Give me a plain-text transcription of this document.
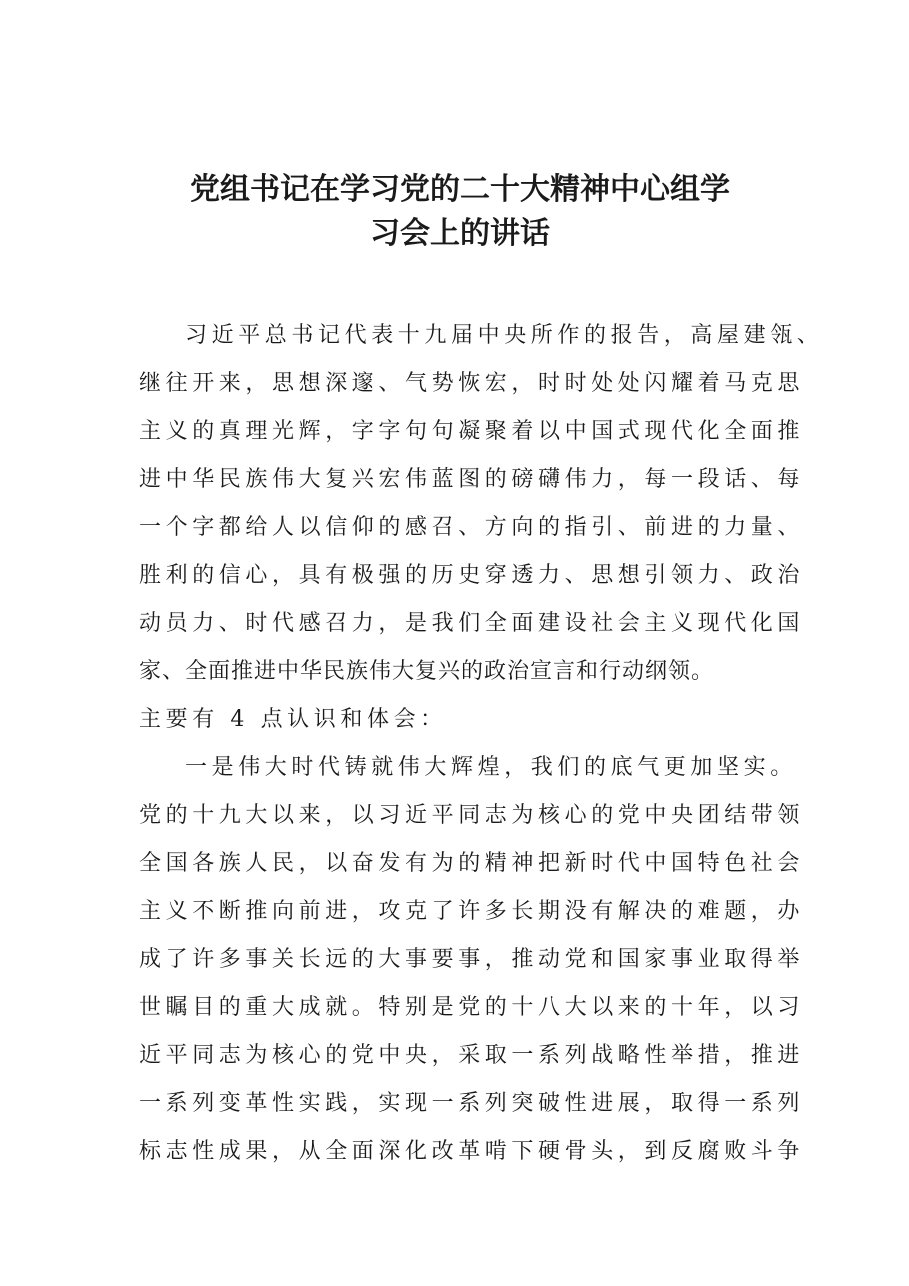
党组书记在学习党的二十大精神中心组学
习会上的讲话
习近平总书记代表十九届中央所作的报告，高屋建瓴、
继往开来，思想深邃、气势恢宏，时时处处闪耀着马克思
主义的真理光辉，字字句句凝聚着以中国式现代化全面推
进中华民族伟大复兴宏伟蓝图的磅礴伟力，每一段话、每
一个字都给人以信仰的感召、方向的指引、前进的力量、
胜利的信心，具有极强的历史穿透力、思想引领力、政治
动员力、时代感召力，是我们全面建设社会主义现代化国
家、全面推进中华民族伟大复兴的政治宣言和行动纲领。
主要有 4 点认识和体会：
一是伟大时代铸就伟大辉煌，我们的底气更加坚实。
党的十九大以来，以习近平同志为核心的党中央团结带领
全国各族人民，以奋发有为的精神把新时代中国特色社会
主义不断推向前进，攻克了许多长期没有解决的难题，办
成了许多事关长远的大事要事，推动党和国家事业取得举
世瞩目的重大成就。特别是党的十八大以来的十年，以习
近平同志为核心的党中央，采取一系列战略性举措，推进
一系列变革性实践，实现一系列突破性进展，取得一系列
标志性成果，从全面深化改革啃下硬骨头，到反腐败斗争
